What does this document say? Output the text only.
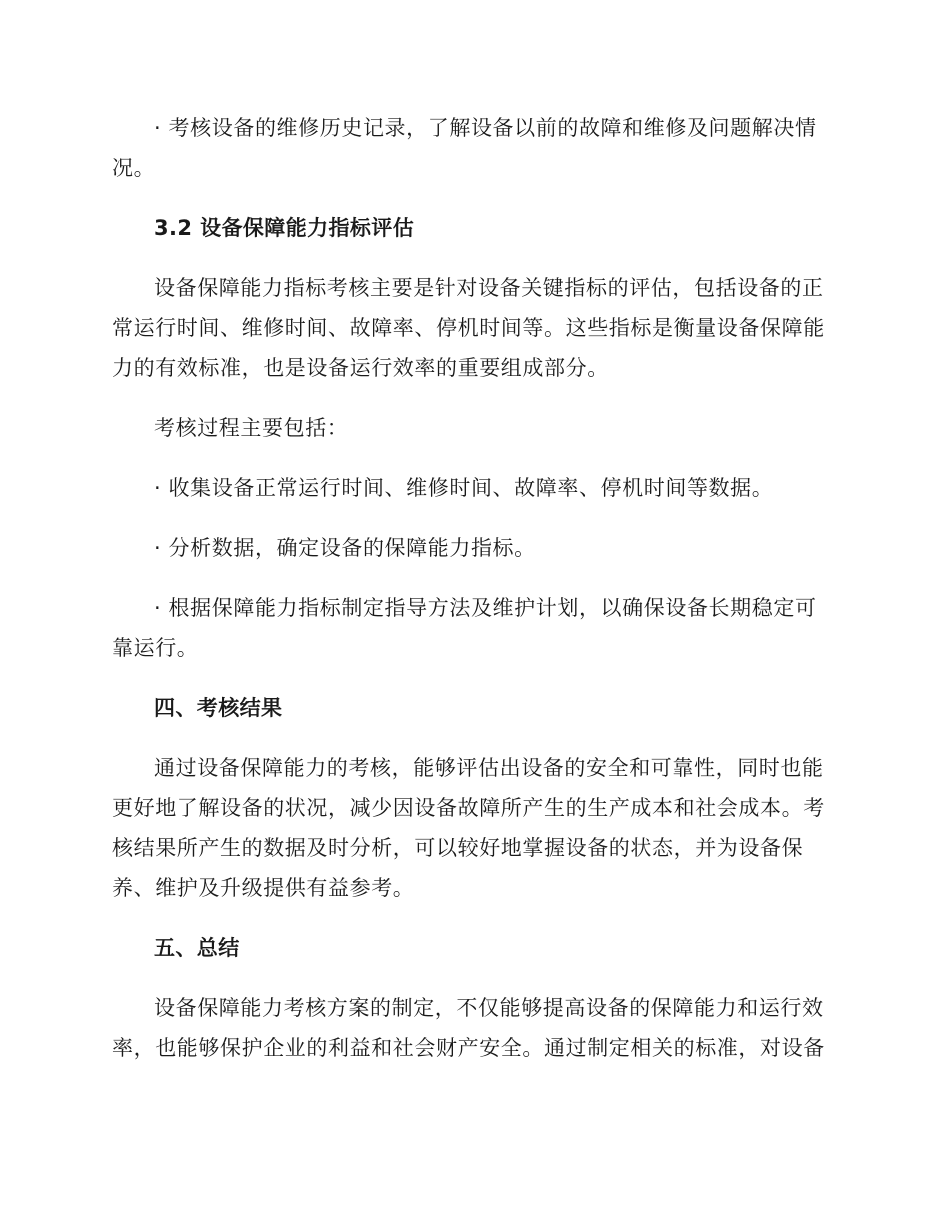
· 考核设备的维修历史记录，了解设备以前的故障和维修及问题解决情况。

3.2 设备保障能力指标评估

设备保障能力指标考核主要是针对设备关键指标的评估，包括设备的正常运行时间、维修时间、故障率、停机时间等。这些指标是衡量设备保障能力的有效标准，也是设备运行效率的重要组成部分。

考核过程主要包括：

· 收集设备正常运行时间、维修时间、故障率、停机时间等数据。

· 分析数据，确定设备的保障能力指标。

· 根据保障能力指标制定指导方法及维护计划，以确保设备长期稳定可靠运行。

四、考核结果

通过设备保障能力的考核，能够评估出设备的安全和可靠性，同时也能更好地了解设备的状况，减少因设备故障所产生的生产成本和社会成本。考核结果所产生的数据及时分析，可以较好地掌握设备的状态，并为设备保养、维护及升级提供有益参考。

五、总结

设备保障能力考核方案的制定，不仅能够提高设备的保障能力和运行效率，也能够保护企业的利益和社会财产安全。通过制定相关的标准，对设备
